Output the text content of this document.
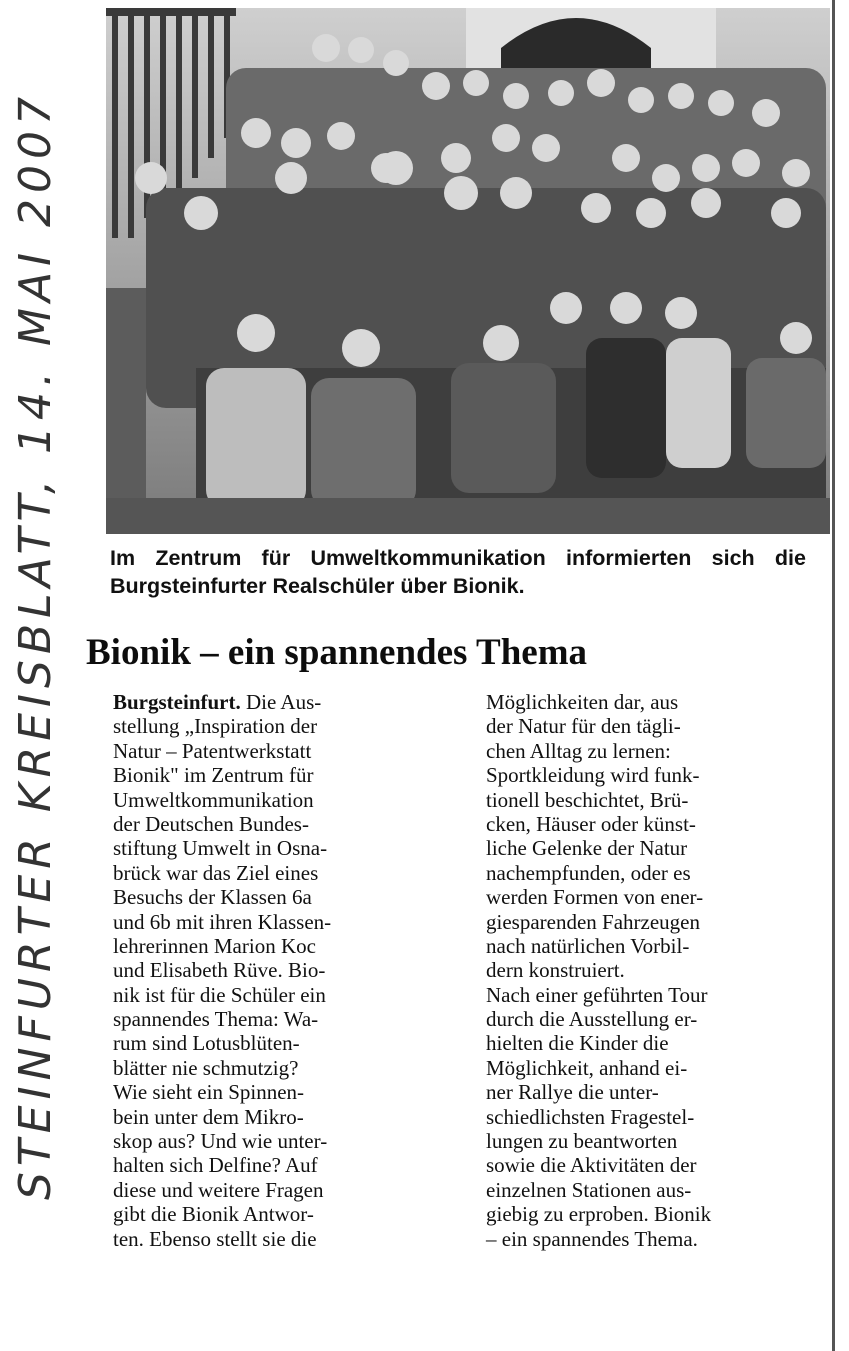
STEINFURTER KREISBLATT, 14. MAI 2007 Im Zentrum für Umweltkommunikation informierten sich die Burgsteinfurter Realschüler über Bionik.
Bionik – ein spannendes Thema
Burgsteinfurt. Die Aus-
stellung „Inspiration der
Natur – Patentwerkstatt
Bionik" im Zentrum für
Umweltkommunikation
der Deutschen Bundes-
stiftung Umwelt in Osna-
brück war das Ziel eines
Besuchs der Klassen 6a
und 6b mit ihren Klassen-
lehrerinnen Marion Koc
und Elisabeth Rüve. Bio-
nik ist für die Schüler ein
spannendes Thema: Wa-
rum sind Lotusblüten-
blätter nie schmutzig?
Wie sieht ein Spinnen-
bein unter dem Mikro-
skop aus? Und wie unter-
halten sich Delfine? Auf
diese und weitere Fragen
gibt die Bionik Antwor-
ten. Ebenso stellt sie die
Möglichkeiten dar, aus
der Natur für den tägli-
chen Alltag zu lernen:
Sportkleidung wird funk-
tionell beschichtet, Brü-
cken, Häuser oder künst-
liche Gelenke der Natur
nachempfunden, oder es
werden Formen von ener-
giesparenden Fahrzeugen
nach natürlichen Vorbil-
dern konstruiert.
Nach einer geführten Tour
durch die Ausstellung er-
hielten die Kinder die
Möglichkeit, anhand ei-
ner Rallye die unter-
schiedlichsten Fragestel-
lungen zu beantworten
sowie die Aktivitäten der
einzelnen Stationen aus-
giebig zu erproben. Bionik
– ein spannendes Thema.
